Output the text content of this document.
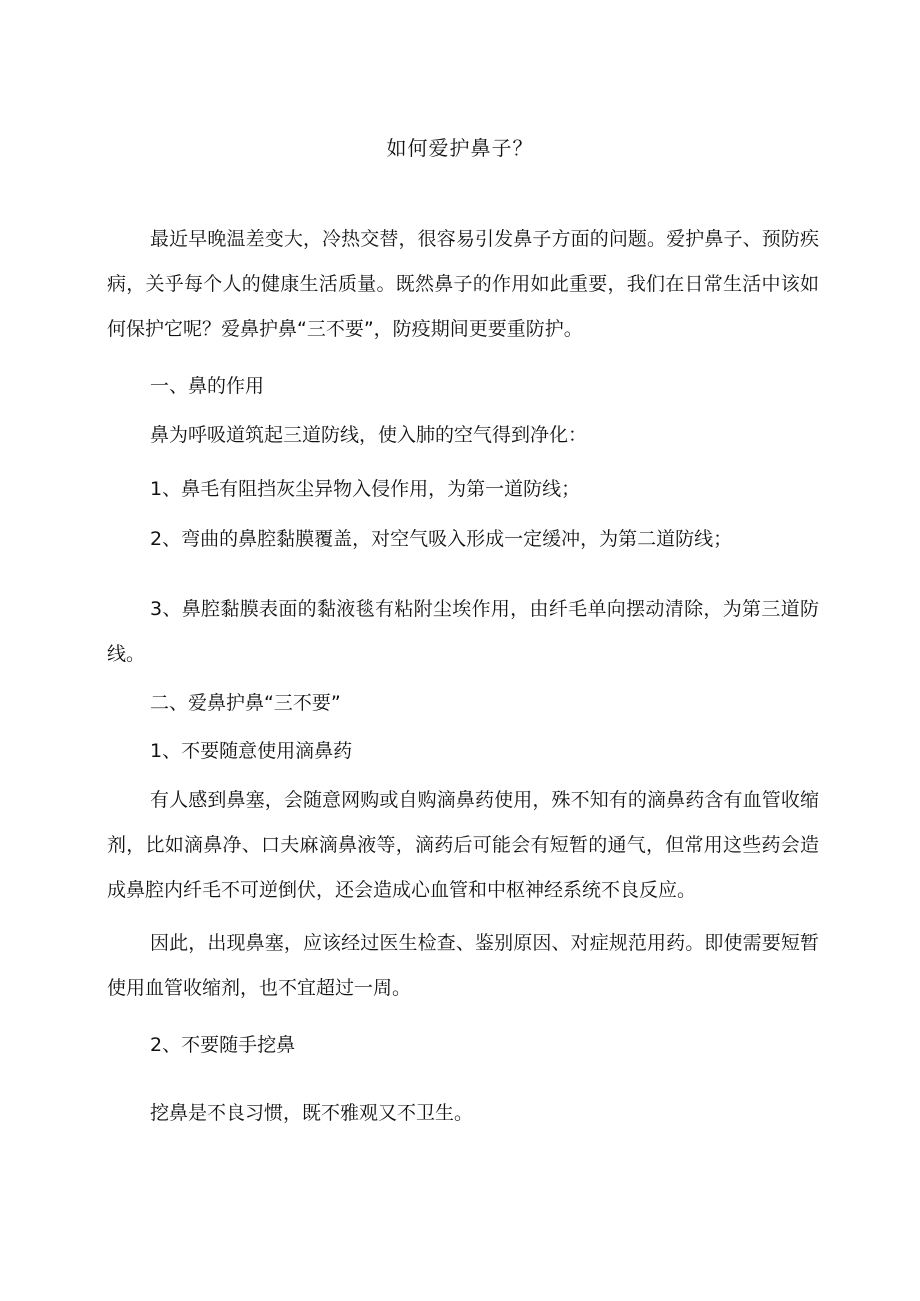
如何爱护鼻子？

最近早晚温差变大，冷热交替，很容易引发鼻子方面的问题。爱护鼻子、预防疾病，关乎每个人的健康生活质量。既然鼻子的作用如此重要，我们在日常生活中该如何保护它呢？爱鼻护鼻“三不要”，防疫期间更要重防护。

一、鼻的作用
鼻为呼吸道筑起三道防线，使入肺的空气得到净化：
1、鼻毛有阻挡灰尘异物入侵作用，为第一道防线；
2、弯曲的鼻腔黏膜覆盖，对空气吸入形成一定缓冲，为第二道防线；

3、鼻腔黏膜表面的黏液毯有粘附尘埃作用，由纤毛单向摆动清除，为第三道防线。

二、爱鼻护鼻“三不要”
1、不要随意使用滴鼻药

有人感到鼻塞，会随意网购或自购滴鼻药使用，殊不知有的滴鼻药含有血管收缩剂，比如滴鼻净、口夫麻滴鼻液等，滴药后可能会有短暂的通气，但常用这些药会造成鼻腔内纤毛不可逆倒伏，还会造成心血管和中枢神经系统不良反应。

因此，出现鼻塞，应该经过医生检查、鉴别原因、对症规范用药。即使需要短暂使用血管收缩剂，也不宜超过一周。

2、不要随手挖鼻
挖鼻是不良习惯，既不雅观又不卫生。
